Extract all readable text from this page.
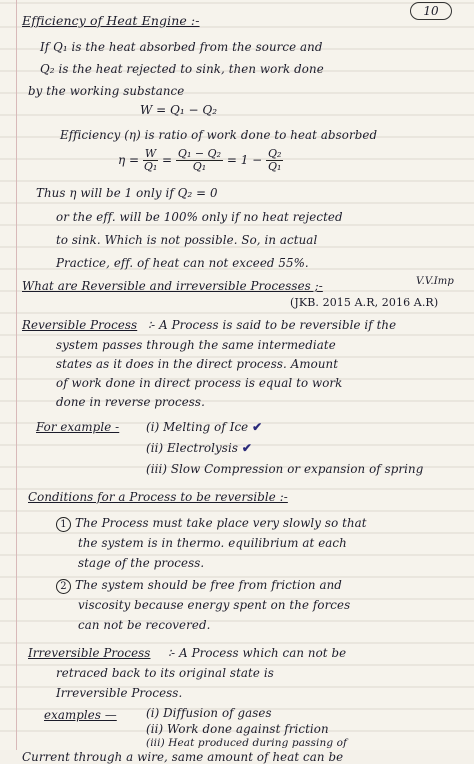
10
Efficiency of Heat Engine :-
If Q₁ is the heat absorbed from the source and
Q₂ is the heat rejected to sink, then work done
by the working substance
W = Q₁ − Q₂
Efficiency (η) is ratio of work done to heat absorbed
$\eta = \frac{W}{\text{Q₁}} = \frac{\text{Q₁ − Q₂}}{\text{Q₁}} = 1 - \frac{\text{Q₂}}{\text{Q₁}}$
Thus η will be 1 only if Q₂ = 0
or the eff. will be 100% only if no heat rejected
to sink. Which is not possible. So, in actual
Practice, eff. of heat can not exceed 55%.
What are Reversible and irreversible Processes ;-	V.V.Imp
(JKB. 2015 A.R, 2016 A.R)
Reversible Process ∶- A Process is said to be reversible if the
system passes through the same intermediate
states as it does in the direct process. Amount
of work done in direct process is equal to work
done in reverse process.
For example - (i) Melting of Ice ✔
(ii) Electrolysis ✔
(iii) Slow Compression or expansion of spring
Conditions for a Process to be reversible :-
1 The Process must take place very slowly so that
the system is in thermo. equilibrium at each
stage of the process.
2 The system should be free from friction and
viscosity because energy spent on the forces
can not be recovered.
Irreversible Process ∶- A Process which can not be
retraced back to its original state is
Irreversible Process.
examples — (i) Diffusion of gases
(ii) Work done against friction
(iii) Heat produced during passing of
Current through a wire, same amount of heat can be
